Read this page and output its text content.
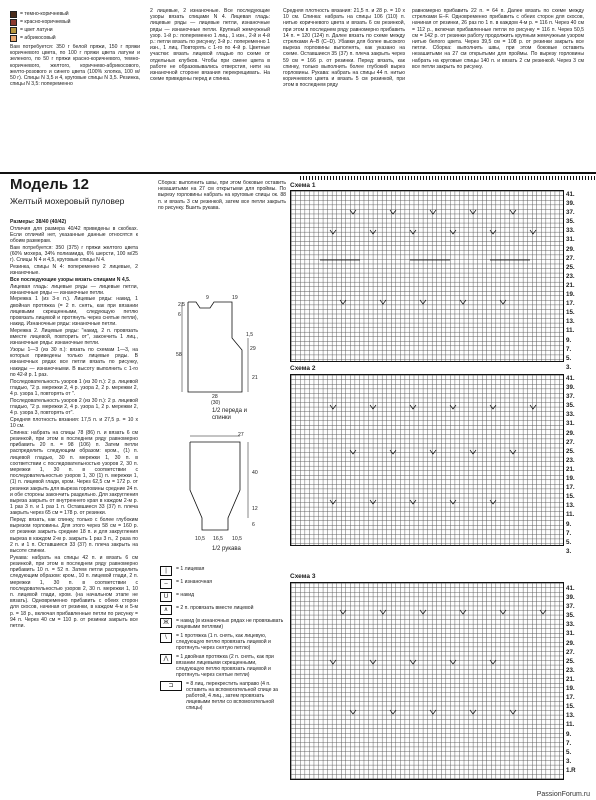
= темно-коричневый
= красно-коричневый
= цвет латуни
= абрикосовый

Вам потребуется: 350 г белой пряжи, 150 г пряжи коричневого цвета, по 100 г пряжи цвета латуни и зеленого, по 50 г пряжи красно-коричневого, темно-коричневого, желтого, коричнево-абрикосового, желто-розового и синего цвета (100% хлопка, 100 м/ 50 г). Спицы N 3,5 и 4, круговые спицы N 3,5. Резинка, спицы N 3,5: попеременно

2 лицевые, 2 изнаночные. Все последующие узоры вязать спицами N 4. Лицевая гладь: лицевые ряды — лицевые петли, изнаночные ряды — изнаночные петли. Крупный жемчужный узор. 1-й р.: попеременно 1 лиц., 1 изн., 2-й и 4-й р.: петли вязать по рисунку; 3-й р.: попеременно 1 изн., 1 лиц. Повторять с 1-го по 4-й р. Цветные участки: вязать лицевой гладью по схеме от отдельных клубков. Чтобы при смене цвета в работе не образовывались отверстия, нити на изнаночной стороне вязания перекрещивать. На схеме приведены перед и спинка.

Средняя плотность вязания: 21,5 п. и 28 р. = 10 х 10 см. Спинка: набрать на спицы 106 (110) п. нитью коричневого цвета и вязать 6 см резинкой, при этом в последнем ряду равномерно прибавить 14 п. = 120 (124) п. Далее вязать по схеме между стрелками А–В (С–D). Убавки для более высокого выреза горловины выполнять, как указано на схеме. Оставшиеся 35 (37) п. плеча закрыть через 59 см = 166 р. от резинки. Перед: вязать, как спинку, только выполнить более глубокий вырез горловины. Рукава: набрать на спицы 44 п. нитью коричневого цвета и вязать 5 см резинкой, при этом в последнем ряду

равномерно прибавить 22 п. = 64 п. Далее вязать по схеме между стрелками Е–F. Одновременно прибавить с обеих сторон для скосов, начиная от резинки, 26 раз по 1 п. в каждом 4-м р. = 116 п. Через 40 см = 112 р., включая прибавленные петли по рисунку = 116 п. Через 50,5 см = 142 р. от резинки работу продолжить крупным жемчужным узором нитью белого цвета. Через 39,5 см = 108 р. от резинки закрыть все петли. Сборка: выполнить швы, при этом боковые оставить незашитыми на 27 см открытыми для проймы. По вырезу горловины набрать на круговые спицы 140 п. и вязать 2 см резинкой. Через 3 см все петли закрыть по рисунку.

Модель 12
Желтый мохеровый пуловер

Размеры: 38/40 (40/42)

Отличия для размера 40/42 приведены в скобках. Если отличий нет, указанные данные относятся к обоим размерам.

Вам потребуется: 350 (375) г пряжи желтого цвета (60% мохера, 34% полиамида, 6% шерсти, 100 м/25 г). Спицы N 4 и 4,5, круговые спицы N 4.

Резинка, спицы N 4: попеременно 2 лицевые, 2 изнаночные.

Все последующие узоры вязать спицами N 4,5.

Лицевая гладь: лицевые ряды — лицевые петли, изнаночные ряды — изнаночные петли.

Мережка 1 (из 3-х п.). Лицевые ряды: накид, 1 двойная протяжка (= 2 п. снять, как при вязании лицевыми скрещенными, следующую петлю провязать лицевой и протянуть через снятые петли), накид. Изнаночные ряды: изнаночные петли.

Мережка 2. Лицевые ряды: "накид, 2 п. провязать вместе лицевой, повторить от", закончить 1 лиц., изнаночные ряды: изнаночные петли.

Узоры 1—3 (из 30 п.): вязать по схемам 1—3, на которых приведены только лицевые ряды. В изнаночных рядах все петли вязать по рисунку, накиды — изнаночными. В высоту выполнить с 1-го по 42-й р. 1 раз.

Последовательность узоров 1 (из 30 п.): 2 р. лицевой гладью, "2 р. мережки 2, 4 р. узора 2, 2 р. мережки 2, 4 р. узора 1, повторять от ".

Последовательность узоров 2 (из 30 п.): 2 р. лицевой гладью, "2 р. мережки 2, 4 р. узора 1, 2 р. мережки 2, 4 р. узора 3, повторять от".

Средняя плотность вязания: 17,5 п. и 27,5 р. = 10 х 10 см.

Спинка: набрать на спицы 78 (86) п. и вязать 6 см резинкой, при этом в последнем ряду равномерно прибавить 20 п. = 98 (106) п. Затем петли распределить следующим образом: кром., (1) п. лицевой гладью, 30 п. мережки 1, 30 п. в соответствии с последовательностью узоров 2, 30 п. мережки 1, 30 п. в соответствии с последовательностью узоров 1, 30 (1) п. мережки 1, (1) п. лицевой глади, кром. Через 62,5 см = 172 р. от резинки закрыть для выреза горловины средние 24 п. и обе стороны закончить раздельно. Для закругления выреза закрыть от внутреннего края в каждом 2-м р. 1 раз 3 п. и 1 раз 1 п. Оставшиеся 33 (37) п. плеча закрыть через 65 см = 178 р. от резинки.

Перед: вязать, как спинку, только с более глубоким вырезом горловины. Для этого через 58 см = 160 р. от резинки закрыть средние 18 п. и для закругления выреза в каждом 2-м р. закрыть 1 раз 3 п., 2 раза по 2 п. и 1 п. Оставшиеся 33 (37) п. плеча закрыть на высоте спинки.

Рукава: набрать на спицы 42 п. и вязать 6 см резинкой, при этом в последнем ряду равномерно прибавить 10 п. = 52 п. Затем петли распределить следующим образом: кром., 10 п. лицевой глади, 2 п. мережки 1, 30 п. в соответствии с последовательностью узоров 2, 30 п. мережки 1, 10 п. лицевой глади, кром. (на начальном этапе не вязать). Одновременно прибавить с обеих сторон для скосов, начиная от резинки, в каждом 4-м и 5-м р. = 18 р., включая прибавленные петли по рисунку = 94 п. Через 40 см = 110 р. от резинки закрыть все петли.

Сборка: выполнить швы, при этом боковые оставить незашитыми на 27 см открытыми для проймы. По вырезу горловины набрать на круговые спицы ок. 88 п. и вязать 3 см резинкой, затем все петли закрыть по рисунку. Вшить рукава.

9	19
2,5
6
58
21
28
(30)
29
1,5
1/2 переда и спинки
27
40
6
12
10,5 16,5 10,5
1/2 рукава
|	= 1 лицевая
–	= 1 изнаночная
U	= накид
∧	= 2 п. провязать вместе лицевой
Ж	= накид (в изнаночных рядах не провязывать лицевыми петлями)
\	= 1 протяжка (1 п. снять, как лицевую, следующую петлю провязать лицевой и протянуть через снятую петлю)
⋀	= 1 двойная протяжка (2 п. снять, как при вязании лицевыми скрещенными, следующую петлю провязать лицевой и протянуть через снятые петли)
⊐	= 8 лиц. перекрестить направо (4 п. оставить на вспомогательной спице за работой, 4 лиц., затем провязать лицевыми петли со вспомогательной спицы)
Схема 1
41.
39.
37.
35.
33.
31.
29.
27.
25.
23.
21.
19.
17.
15.
13.
11.
9.
7.
5.
3.
Схема 2
41.
39.
37.
35.
33.
31.
29.
27.
25.
23.
21.
19.
17.
15.
13.
11.
9.
7.
5.
3.
Схема 3
41.
39.
37.
35.
33.
31.
29.
27.
25.
23.
21.
19.
17.
15.
13.
11.
9.
7.
5.
3.
1.R
PassionForum.ru
